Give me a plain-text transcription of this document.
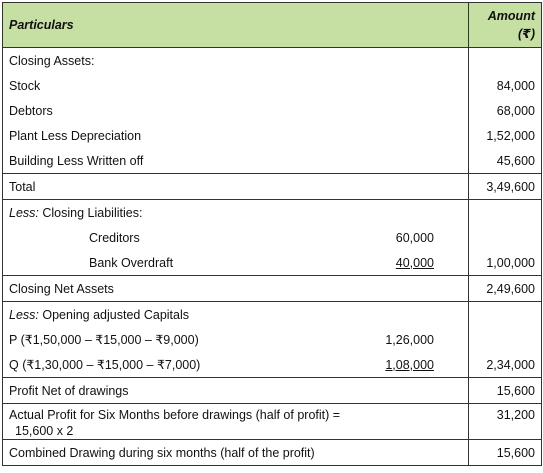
Particulars	Amount
(₹)

Closing Assets:	
Stock	84,000
Debtors	68,000
Plant Less Depreciation	1,52,000
Building Less Written off	45,600
Total	3,49,600
Less: Closing Liabilities:	

Creditors 60,000	

Bank Overdraft 40,000	1,00,000
Closing Net Assets	2,49,600
Less: Opening adjusted Capitals	

P (₹1,50,000 – ₹15,000 – ₹9,000) 1,26,000	

Q (₹1,30,000 – ₹15,000 – ₹7,000) 1,08,000	2,34,000
Profit Net of drawings	15,600
Actual Profit for Six Months before drawings (half of profit) =
15,600 x 2	31,200
Combined Drawing during six months (half of the profit)	15,600
